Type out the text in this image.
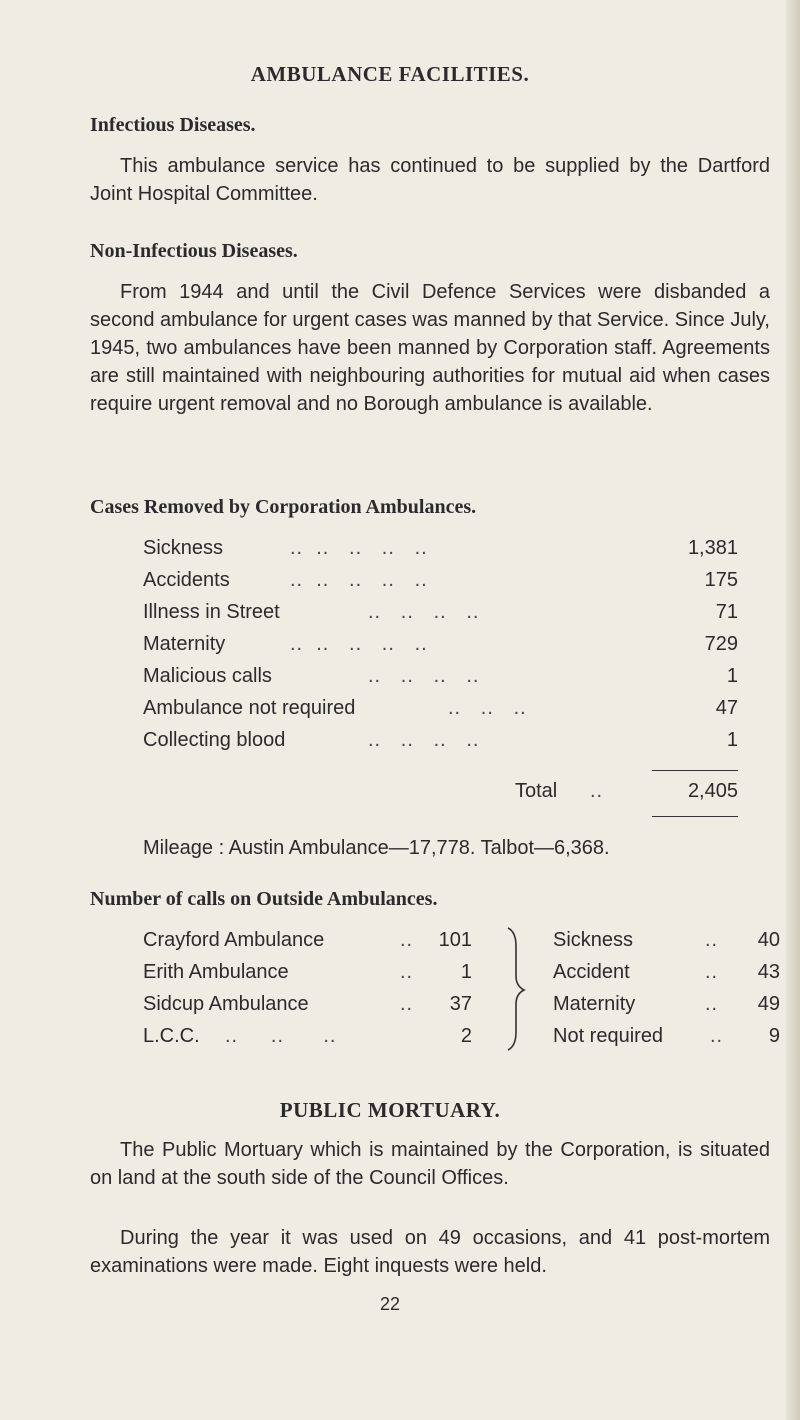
AMBULANCE FACILITIES.
Infectious Diseases.
This ambulance service has continued to be supplied by the Dartford Joint Hospital Committee.
Non-Infectious Diseases.
From 1944 and until the Civil Defence Services were disbanded a second ambulance for urgent cases was manned by that Service. Since July, 1945, two ambulances have been manned by Corporation staff. Agreements are still maintained with neighbouring authorities for mutual aid when cases require urgent removal and no Borough ambulance is available.
Cases Removed by Corporation Ambulances.
Sickness	..  ..   ..   ..   ..	1,381
Accidents	..  ..   ..   ..   ..	175
Illness in Street	..   ..   ..   ..	71
Maternity	..  ..   ..   ..   ..	729
Malicious calls	..   ..   ..   ..	1
Ambulance not required	..   ..   ..	47
Collecting blood	..   ..   ..   ..	1
Total ..	2,405
Mileage : Austin Ambulance—17,778. Talbot—6,368.
Number of calls on Outside Ambulances.
Crayford Ambulance	..	101	Sickness	..	40
Erith Ambulance	..	1	Accident	..	43
Sidcup Ambulance	..	37	Maternity	..	49
L.C.C. ..     ..      ..	2	Not required ..	9
PUBLIC MORTUARY.
The Public Mortuary which is maintained by the Corporation, is situated on land at the south side of the Council Offices.
During the year it was used on 49 occasions, and 41 post-mortem examinations were made. Eight inquests were held.
22
